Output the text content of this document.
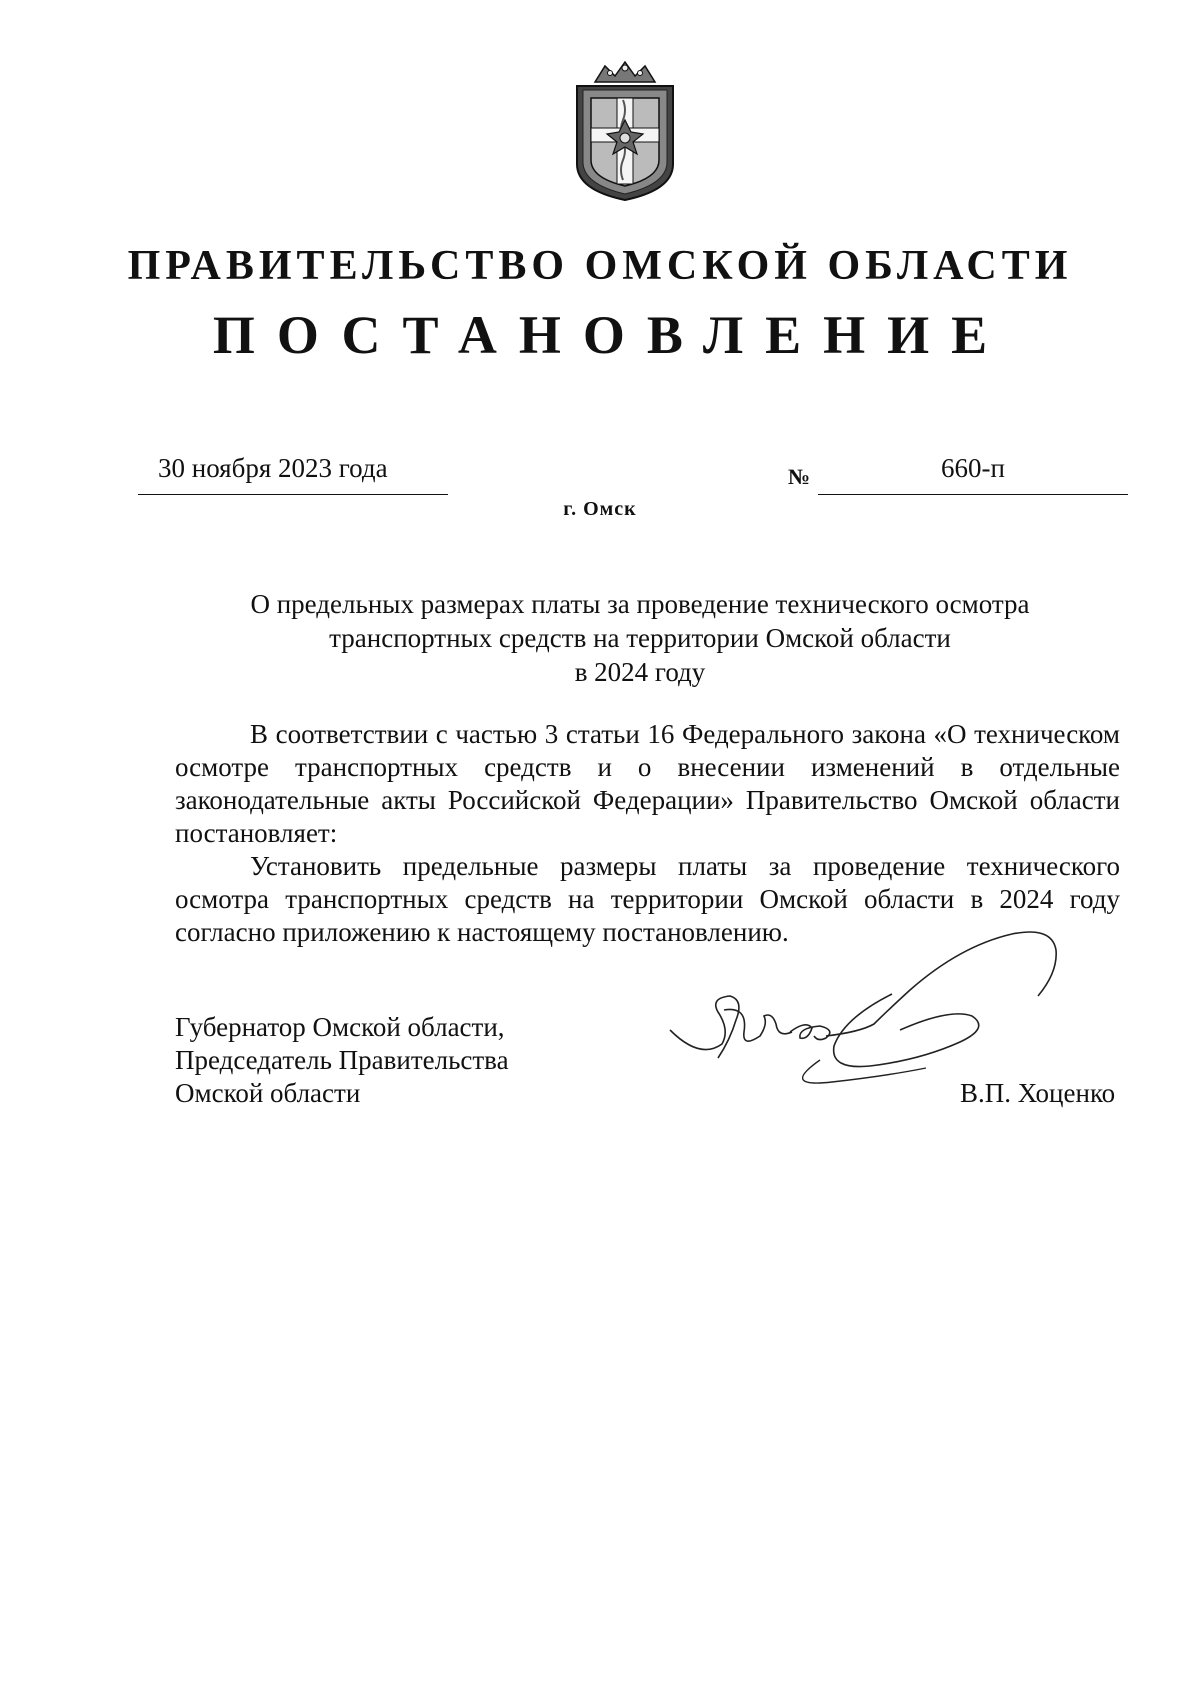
ПРАВИТЕЛЬСТВО ОМСКОЙ ОБЛАСТИ
ПОСТАНОВЛЕНИЕ
30 ноября 2023 года	№	660-п
г. Омск
О предельных размерах платы за проведение технического осмотра
транспортных средств на территории Омской области
в 2024 году

В соответствии с частью 3 статьи 16 Федерального закона «О техническом осмотре транспортных средств и о внесении изменений в отдельные законодательные акты Российской Федерации» Правительство Омской области постановляет:

Установить предельные размеры платы за проведение технического осмотра транспортных средств на территории Омской области в 2024 году согласно приложению к настоящему постановлению.

Губернатор Омской области,
Председатель Правительства
Омской области	В.П. Хоценко
